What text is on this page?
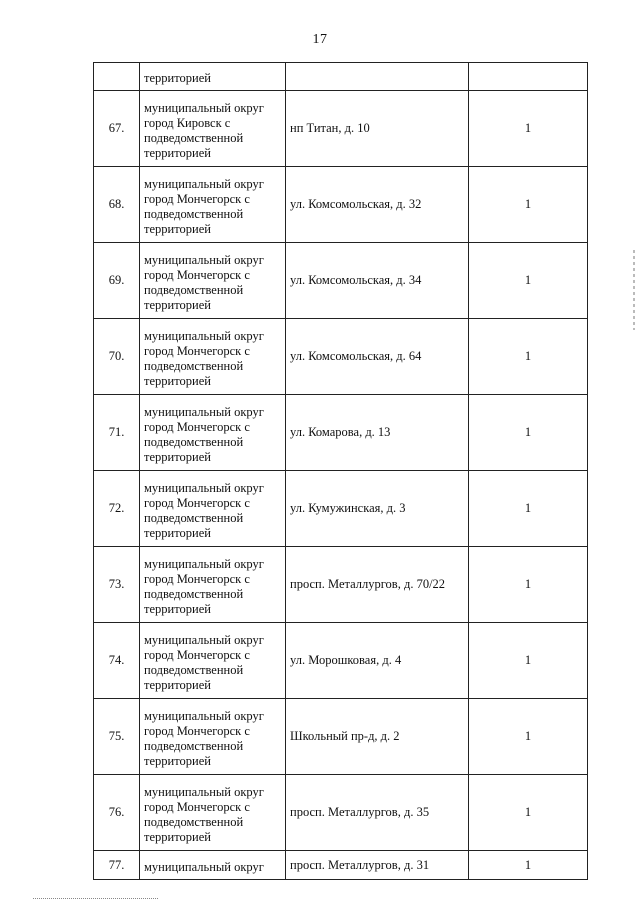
17
	территорией		
67.	муниципальный округ город Кировск с подведомственной территорией	нп Титан, д. 10	1
68.	муниципальный округ город Мончегорск с подведомственной территорией	ул. Комсомольская, д. 32	1
69.	муниципальный округ город Мончегорск с подведомственной территорией	ул. Комсомольская, д. 34	1
70.	муниципальный округ город Мончегорск с подведомственной территорией	ул. Комсомольская, д. 64	1
71.	муниципальный округ город Мончегорск с подведомственной территорией	ул. Комарова, д. 13	1
72.	муниципальный округ город Мончегорск с подведомственной территорией	ул. Кумужинская, д. 3	1
73.	муниципальный округ город Мончегорск с подведомственной территорией	просп. Металлургов, д. 70/22	1
74.	муниципальный округ город Мончегорск с подведомственной территорией	ул. Морошковая, д. 4	1
75.	муниципальный округ город Мончегорск с подведомственной территорией	Школьный пр-д, д. 2	1
76.	муниципальный округ город Мончегорск с подведомственной территорией	просп. Металлургов, д. 35	1
77.	муниципальный округ	просп. Металлургов, д. 31	1
